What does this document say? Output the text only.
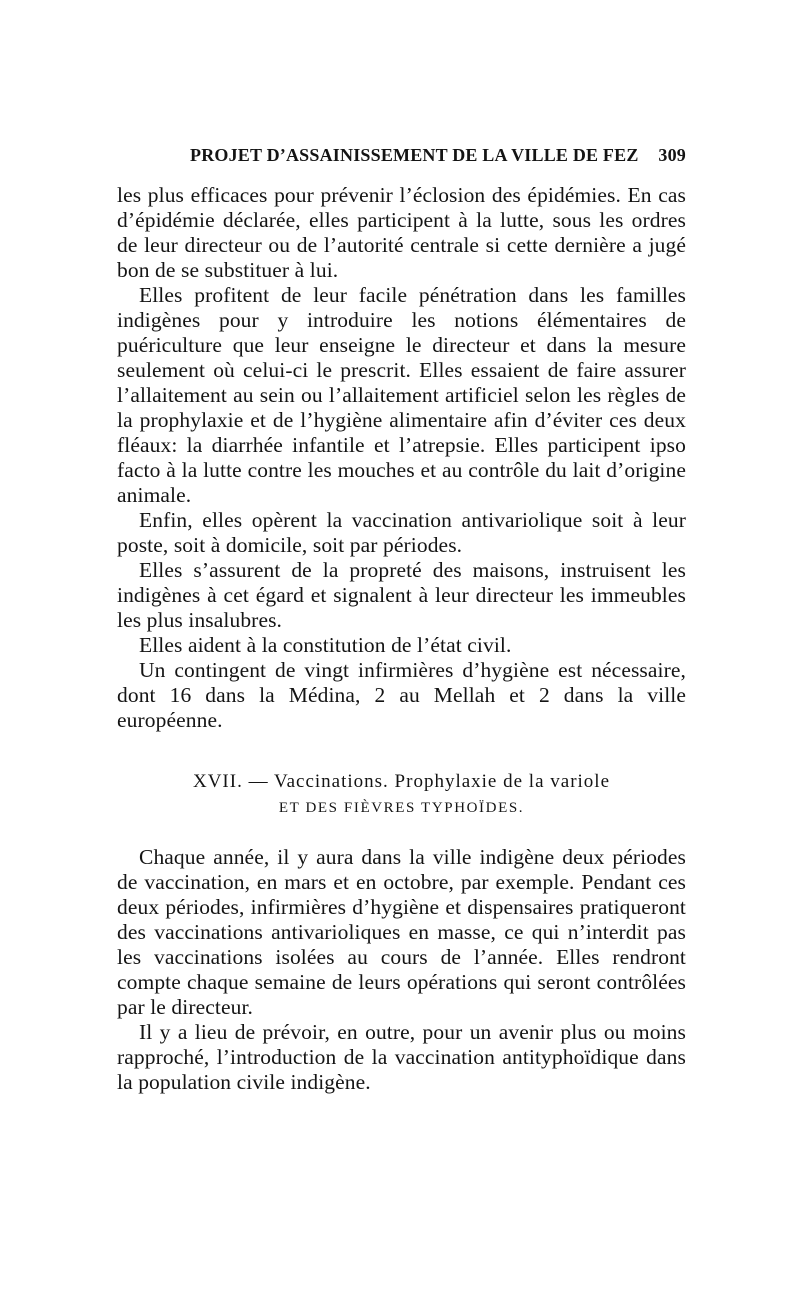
PROJET D’ASSAINISSEMENT DE LA VILLE DE FEZ 309

les plus efficaces pour prévenir l’éclosion des épidémies. En cas d’épidémie déclarée, elles participent à la lutte, sous les ordres de leur directeur ou de l’autorité centrale si cette dernière a jugé bon de se substituer à lui.

Elles profitent de leur facile pénétration dans les familles indigènes pour y introduire les notions élémentaires de puériculture que leur enseigne le directeur et dans la mesure seulement où celui-ci le prescrit. Elles essaient de faire assurer l’allaitement au sein ou l’allaitement artificiel selon les règles de la prophylaxie et de l’hygiène alimentaire afin d’éviter ces deux fléaux: la diarrhée infantile et l’atrepsie. Elles participent ipso facto à la lutte contre les mouches et au contrôle du lait d’origine animale.

Enfin, elles opèrent la vaccination antivariolique soit à leur poste, soit à domicile, soit par périodes.

Elles s’assurent de la propreté des maisons, instruisent les indigènes à cet égard et signalent à leur directeur les immeubles les plus insalubres.

Elles aident à la constitution de l’état civil.

Un contingent de vingt infirmières d’hygiène est nécessaire, dont 16 dans la Médina, 2 au Mellah et 2 dans la ville européenne.

XVII. — Vaccinations. Prophylaxie de la variole
ET DES FIÈVRES TYPHOÏDES.

Chaque année, il y aura dans la ville indigène deux périodes de vaccination, en mars et en octobre, par exemple. Pendant ces deux périodes, infirmières d’hygiène et dispensaires pratiqueront des vaccinations antivarioliques en masse, ce qui n’interdit pas les vaccinations isolées au cours de l’année. Elles rendront compte chaque semaine de leurs opérations qui seront contrôlées par le directeur.

Il y a lieu de prévoir, en outre, pour un avenir plus ou moins rapproché, l’introduction de la vaccination antityphoïdique dans la population civile indigène.
